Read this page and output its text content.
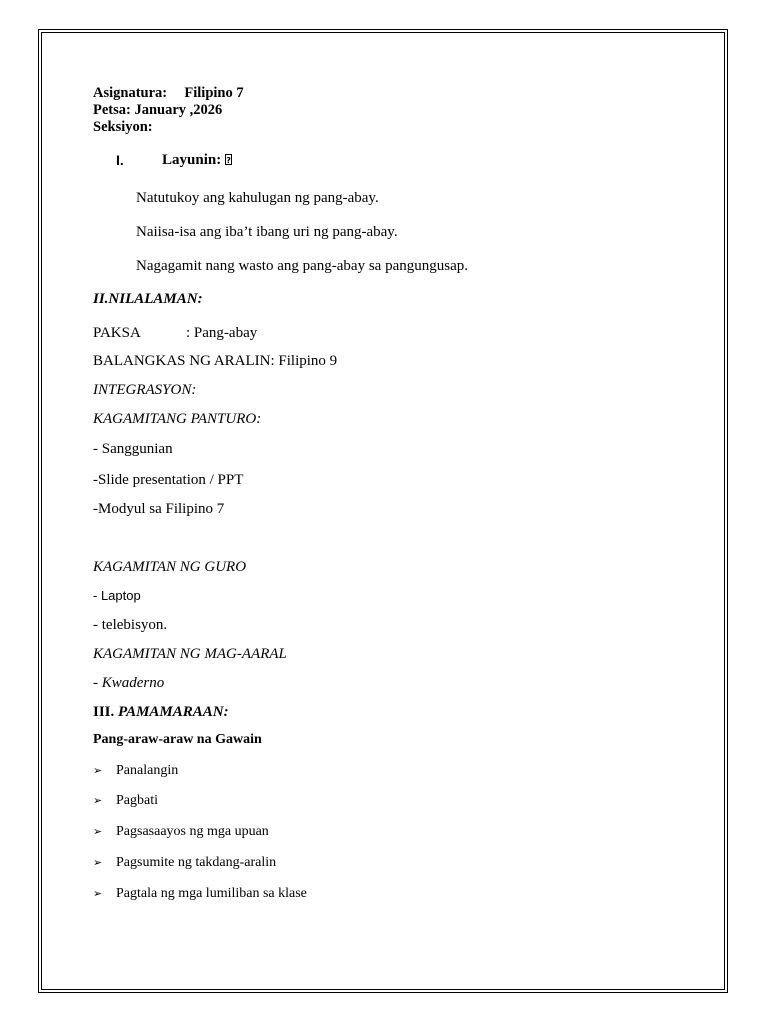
Asignatura: Filipino 7
Petsa: January ,2026
Seksiyon:
I.	Layunin:?
Natutukoy ang kahulugan ng pang-abay.
Naiisa-isa ang iba’t ibang uri ng pang-abay.
Nagagamit nang wasto ang pang-abay sa pangungusap.
II.NILALAMAN:
PAKSA	: Pang-abay
BALANGKAS NG ARALIN: Filipino 9
INTEGRASYON:
KAGAMITANG PANTURO:
- Sanggunian
-Slide presentation / PPT
-Modyul sa Filipino 7
KAGAMITAN NG GURO
- Laptop
- telebisyon.
KAGAMITAN NG MAG-AARAL
- Kwaderno
III. PAMAMARAAN:
Pang-araw-araw na Gawain
➢ Panalangin
➢ Pagbati
➢ Pagsasaayos ng mga upuan
➢ Pagsumite ng takdang-aralin
➢ Pagtala ng mga lumiliban sa klase
